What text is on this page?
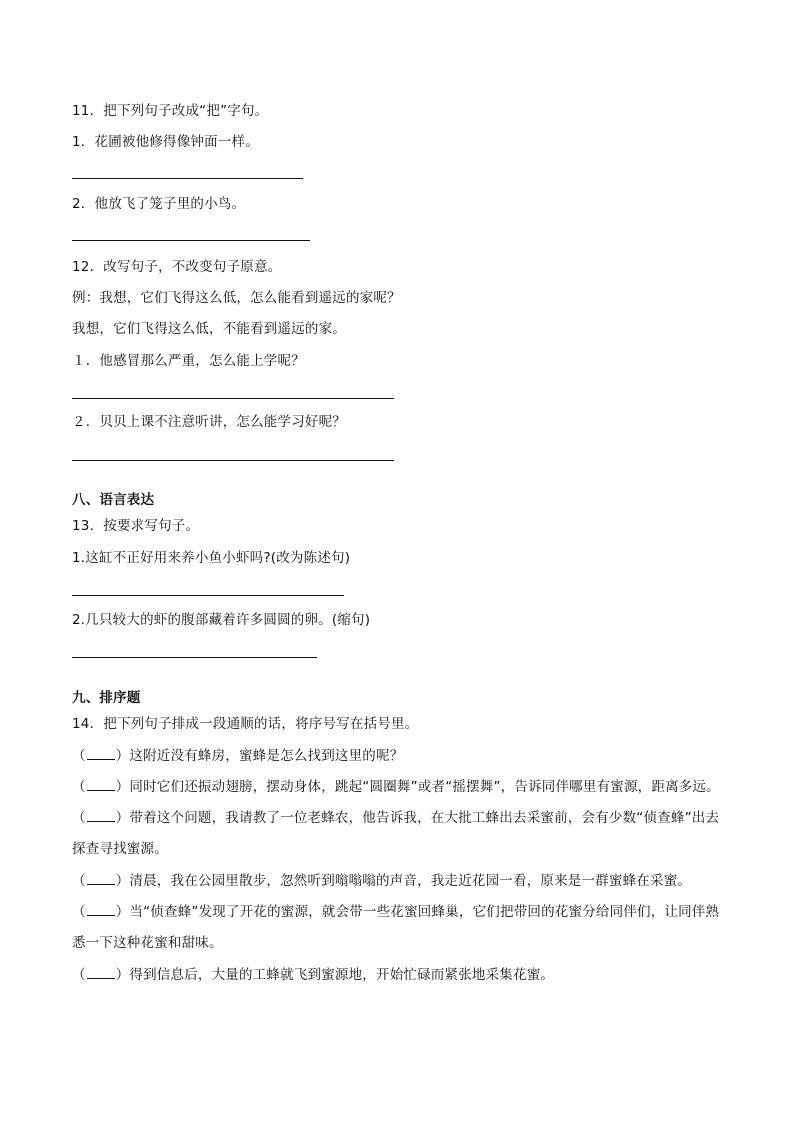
11．把下列句子改成“把”字句。
1．花圃被他修得像钟面一样。
2．他放飞了笼子里的小鸟。
12．改写句子，不改变句子原意。
例：我想，它们飞得这么低，怎么能看到遥远的家呢？
我想，它们飞得这么低，不能看到遥远的家。
１．他感冒那么严重，怎么能上学呢？
２．贝贝上课不注意听讲，怎么能学习好呢？
八、语言表达
13．按要求写句子。
1.这缸不正好用来养小鱼小虾吗?(改为陈述句)
2.几只较大的虾的腹部藏着许多圆圆的卵。(缩句)
九、排序题
14．把下列句子排成一段通顺的话，将序号写在括号里。
（ ）这附近没有蜂房，蜜蜂是怎么找到这里的呢？
（ ）同时它们还振动翅膀，摆动身体，跳起“圆圈舞”或者“摇摆舞”，告诉同伴哪里有蜜源，距离多远。
（ ）带着这个问题，我请教了一位老蜂农，他告诉我，在大批工蜂出去采蜜前，会有少数“侦查蜂”出去
探查寻找蜜源。
（ ）清晨，我在公园里散步，忽然听到嗡嗡嗡的声音，我走近花园一看，原来是一群蜜蜂在采蜜。
（ ）当“侦查蜂”发现了开花的蜜源，就会带一些花蜜回蜂巢，它们把带回的花蜜分给同伴们，让同伴熟
悉一下这种花蜜和甜味。
（ ）得到信息后，大量的工蜂就飞到蜜源地，开始忙碌而紧张地采集花蜜。
